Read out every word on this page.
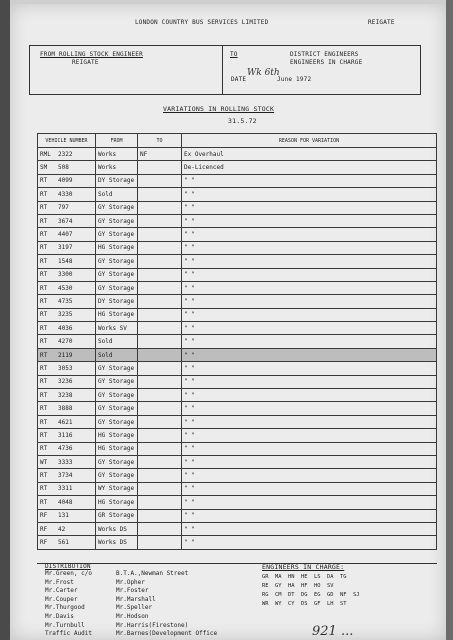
LONDON COUNTRY BUS SERVICES LIMITED	REIGATE
FROM ROLLING STOCK ENGINEER
REIGATE
TO	DISTRICT ENGINEERS
ENGINEERS IN CHARGE
DATE
Wk 6th
June 1972
VARIATIONS IN ROLLING STOCK
31.5.72
VEHICLE NUMBER	FROM	TO	REASON FOR VARIATION
RML 2322	Works	NF	Ex Overhaul
SM 508	Works		De-Licenced
RT 4099	DY Storage		" "
RT 4330	Sold		" "
RT 797	GY Storage		" "
RT 3674	GY Storage		" "
RT 4407	GY Storage		" "
RT 3197	HG Storage		" "
RT 1548	GY Storage		" "
RT 3300	GY Storage		" "
RT 4530	GY Storage		" "
RT 4735	DY Storage		" "
RT 3235	HG Storage		" "
RT 4036	Works SV		" "
RT 4270	Sold		" "
RT 2119	Sold		" "
RT 3053	GY Storage		" "
RT 3236	GY Storage		" "
RT 3238	GY Storage		" "
RT 3888	GY Storage		" "
RT 4621	GY Storage		" "
RT 3116	HG Storage		" "
RT 4736	HG Storage		" "
WT 3333	GY Storage		" "
RT 3734	GY Storage		" "
RT 3311	WY Storage		" "
RT 4048	HG Storage		" "
RF 131	GR Storage		" "
RF 42	Works DS		" "
RF 561	Works DS		" "
DISTRIBUTION
Mr.Green, c/o
Mr.Frost
Mr.Carter
Mr.Couper
Mr.Thurgood
Mr.Davis
Mr.Turnbull
Traffic Audit
B.T.A.,Newman Street
Mr.Opher
Mr.Foster
Mr.Marshall
Mr.Speller
Mr.Hodson
Mr.Harris(Firestone)
Mr.Barnes(Development Office
ENGINEERS IN CHARGE:
GR MA HN HE LS DA TG
RE GY HA HF HO SV
RG CM DT DG EG GD NF SJ
WR WY CY DS GF LH ST
921 ...
